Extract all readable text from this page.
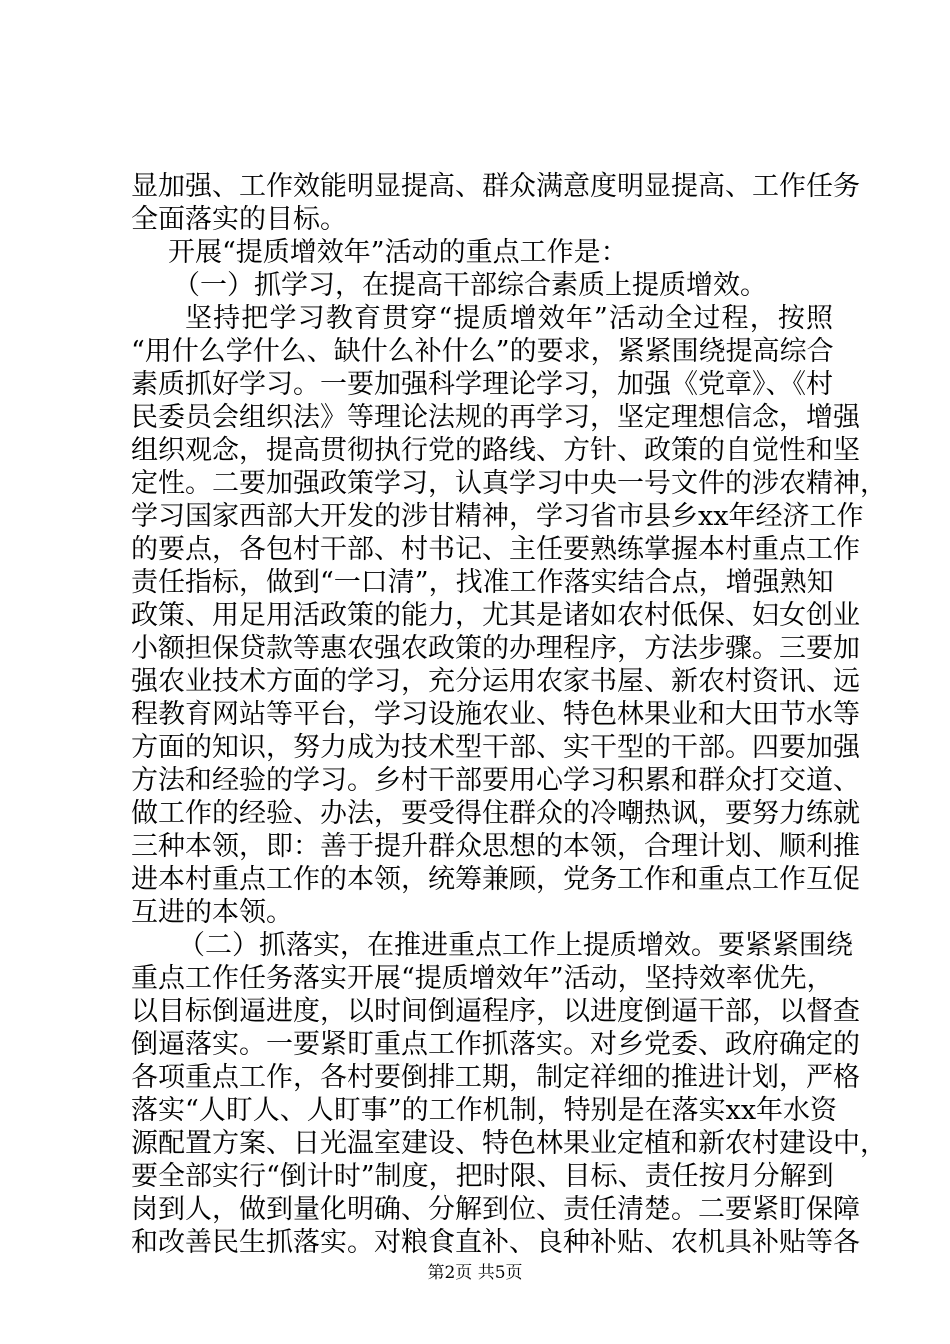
显加强、工作效能明显提高、群众满意度明显提高、工作任务
全面落实的目标。
开展“提质增效年”活动的重点工作是：
（一）抓学习，在提高干部综合素质上提质增效。
坚持把学习教育贯穿“提质增效年”活动全过程，按照
“用什么学什么、缺什么补什么”的要求，紧紧围绕提高综合
素质抓好学习。一要加强科学理论学习，加强《党章》、《村
民委员会组织法》等理论法规的再学习，坚定理想信念，增强
组织观念，提高贯彻执行党的路线、方针、政策的自觉性和坚
定性。二要加强政策学习，认真学习中央一号文件的涉农精神，
学习国家西部大开发的涉甘精神，学习省市县乡xx年经济工作
的要点，各包村干部、村书记、主任要熟练掌握本村重点工作
责任指标，做到“一口清”，找准工作落实结合点，增强熟知
政策、用足用活政策的能力，尤其是诸如农村低保、妇女创业
小额担保贷款等惠农强农政策的办理程序，方法步骤。三要加
强农业技术方面的学习，充分运用农家书屋、新农村资讯、远
程教育网站等平台，学习设施农业、特色林果业和大田节水等
方面的知识，努力成为技术型干部、实干型的干部。四要加强
方法和经验的学习。乡村干部要用心学习积累和群众打交道、
做工作的经验、办法，要受得住群众的冷嘲热讽，要努力练就
三种本领，即：善于提升群众思想的本领，合理计划、顺利推
进本村重点工作的本领，统筹兼顾，党务工作和重点工作互促
互进的本领。
（二）抓落实，在推进重点工作上提质增效。要紧紧围绕
重点工作任务落实开展“提质增效年”活动，坚持效率优先，
以目标倒逼进度，以时间倒逼程序，以进度倒逼干部，以督查
倒逼落实。一要紧盯重点工作抓落实。对乡党委、政府确定的
各项重点工作，各村要倒排工期，制定祥细的推进计划，严格
落实“人盯人、人盯事”的工作机制，特别是在落实xx年水资
源配置方案、日光温室建设、特色林果业定植和新农村建设中，
要全部实行“倒计时”制度，把时限、目标、责任按月分解到
岗到人，做到量化明确、分解到位、责任清楚。二要紧盯保障
和改善民生抓落实。对粮食直补、良种补贴、农机具补贴等各
第2页 共5页
